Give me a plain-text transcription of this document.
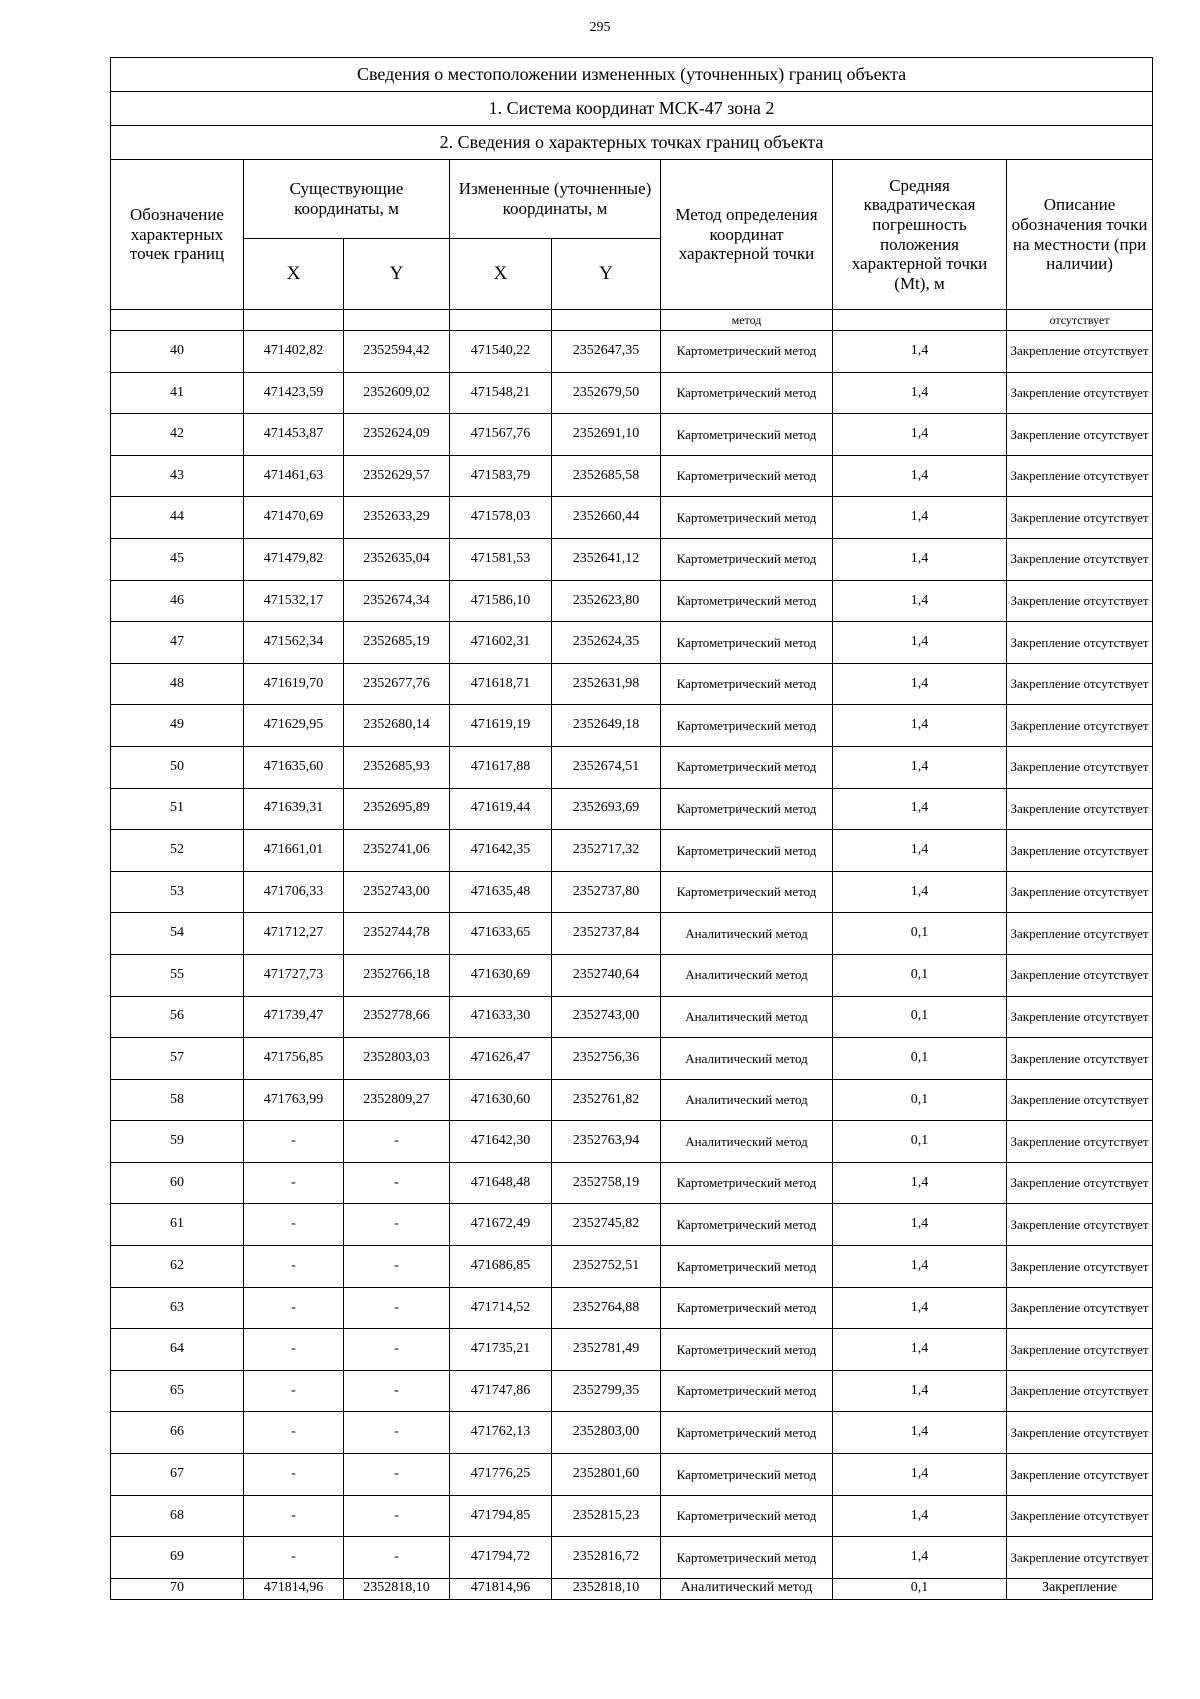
295
Сведения о местоположении измененных (уточненных) границ объекта							
1. Система координат МСК-47 зона 2							
2. Сведения о характерных точках границ объекта							
Обозначение характерных точек границ	Существующие координаты, м		Измененные (уточненные) координаты, м		Метод определения координат характерной точки	Средняя квадратическая погрешность положения характерной точки (Mt), м	Описание обозначения точки на местности (при наличии)
	X	Y	X	Y			
					метод		отсутствует
40	471402,82	2352594,42	471540,22	2352647,35	Картометрический метод	1,4	Закрепление отсутствует
41	471423,59	2352609,02	471548,21	2352679,50	Картометрический метод	1,4	Закрепление отсутствует
42	471453,87	2352624,09	471567,76	2352691,10	Картометрический метод	1,4	Закрепление отсутствует
43	471461,63	2352629,57	471583,79	2352685,58	Картометрический метод	1,4	Закрепление отсутствует
44	471470,69	2352633,29	471578,03	2352660,44	Картометрический метод	1,4	Закрепление отсутствует
45	471479,82	2352635,04	471581,53	2352641,12	Картометрический метод	1,4	Закрепление отсутствует
46	471532,17	2352674,34	471586,10	2352623,80	Картометрический метод	1,4	Закрепление отсутствует
47	471562,34	2352685,19	471602,31	2352624,35	Картометрический метод	1,4	Закрепление отсутствует
48	471619,70	2352677,76	471618,71	2352631,98	Картометрический метод	1,4	Закрепление отсутствует
49	471629,95	2352680,14	471619,19	2352649,18	Картометрический метод	1,4	Закрепление отсутствует
50	471635,60	2352685,93	471617,88	2352674,51	Картометрический метод	1,4	Закрепление отсутствует
51	471639,31	2352695,89	471619,44	2352693,69	Картометрический метод	1,4	Закрепление отсутствует
52	471661,01	2352741,06	471642,35	2352717,32	Картометрический метод	1,4	Закрепление отсутствует
53	471706,33	2352743,00	471635,48	2352737,80	Картометрический метод	1,4	Закрепление отсутствует
54	471712,27	2352744,78	471633,65	2352737,84	Аналитический метод	0,1	Закрепление отсутствует
55	471727,73	2352766,18	471630,69	2352740,64	Аналитический метод	0,1	Закрепление отсутствует
56	471739,47	2352778,66	471633,30	2352743,00	Аналитический метод	0,1	Закрепление отсутствует
57	471756,85	2352803,03	471626,47	2352756,36	Аналитический метод	0,1	Закрепление отсутствует
58	471763,99	2352809,27	471630,60	2352761,82	Аналитический метод	0,1	Закрепление отсутствует
59	-	-	471642,30	2352763,94	Аналитический метод	0,1	Закрепление отсутствует
60	-	-	471648,48	2352758,19	Картометрический метод	1,4	Закрепление отсутствует
61	-	-	471672,49	2352745,82	Картометрический метод	1,4	Закрепление отсутствует
62	-	-	471686,85	2352752,51	Картометрический метод	1,4	Закрепление отсутствует
63	-	-	471714,52	2352764,88	Картометрический метод	1,4	Закрепление отсутствует
64	-	-	471735,21	2352781,49	Картометрический метод	1,4	Закрепление отсутствует
65	-	-	471747,86	2352799,35	Картометрический метод	1,4	Закрепление отсутствует
66	-	-	471762,13	2352803,00	Картометрический метод	1,4	Закрепление отсутствует
67	-	-	471776,25	2352801,60	Картометрический метод	1,4	Закрепление отсутствует
68	-	-	471794,85	2352815,23	Картометрический метод	1,4	Закрепление отсутствует
69	-	-	471794,72	2352816,72	Картометрический метод	1,4	Закрепление отсутствует
70	471814,96	2352818,10	471814,96	2352818,10	Аналитический метод	0,1	Закрепление
